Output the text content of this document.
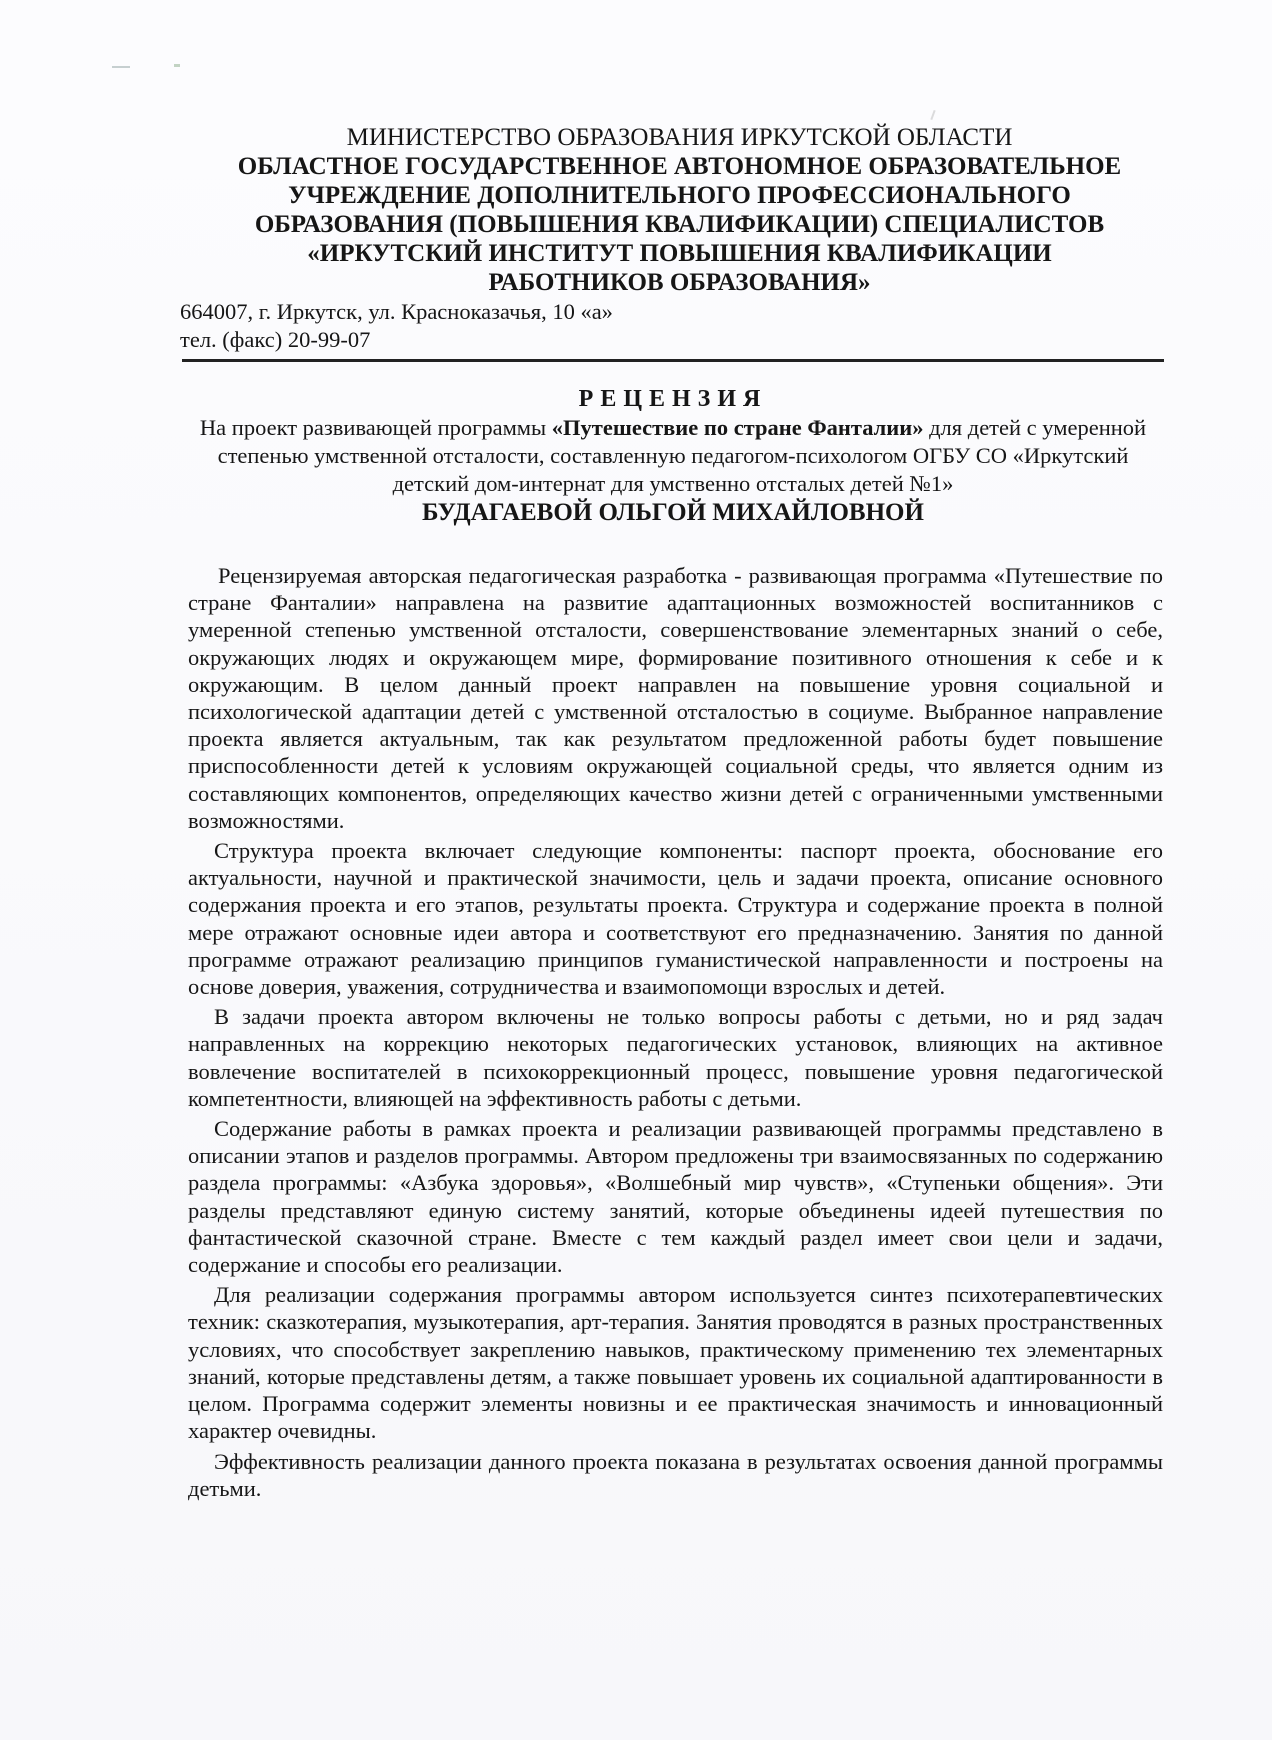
МИНИСТЕРСТВО ОБРАЗОВАНИЯ ИРКУТСКОЙ ОБЛАСТИ
ОБЛАСТНОЕ ГОСУДАРСТВЕННОЕ АВТОНОМНОЕ ОБРАЗОВАТЕЛЬНОЕ
УЧРЕЖДЕНИЕ ДОПОЛНИТЕЛЬНОГО ПРОФЕССИОНАЛЬНОГО
ОБРАЗОВАНИЯ (ПОВЫШЕНИЯ КВАЛИФИКАЦИИ) СПЕЦИАЛИСТОВ
«ИРКУТСКИЙ ИНСТИТУТ ПОВЫШЕНИЯ КВАЛИФИКАЦИИ
РАБОТНИКОВ ОБРАЗОВАНИЯ»
664007, г. Иркутск, ул. Красноказачья, 10 «а»
тел. (факс) 20-99-07
РЕЦЕНЗИЯ
На проект развивающей программы «Путешествие по стране Фанталии» для детей с умеренной степенью умственной отсталости, составленную педагогом-психологом ОГБУ СО «Иркутский детский дом-интернат для умственно отсталых детей №1»
БУДАГАЕВОЙ ОЛЬГОЙ МИХАЙЛОВНОЙ

Рецензируемая авторская педагогическая разработка - развивающая программа «Путешествие по стране Фанталии» направлена на развитие адаптационных возможностей воспитанников с умеренной степенью умственной отсталости, совершенствование элементарных знаний о себе, окружающих людях и окружающем мире, формирование позитивного отношения к себе и к окружающим. В целом данный проект направлен на повышение уровня социальной и психологической адаптации детей с умственной отсталостью в социуме. Выбранное направление проекта является актуальным, так как результатом предложенной работы будет повышение приспособленности детей к условиям окружающей социальной среды, что является одним из составляющих компонентов, определяющих качество жизни детей с ограниченными умственными возможностями.

Структура проекта включает следующие компоненты: паспорт проекта, обоснование его актуальности, научной и практической значимости, цель и задачи проекта, описание основного содержания проекта и его этапов, результаты проекта. Структура и содержание проекта в полной мере отражают основные идеи автора и соответствуют его предназначению. Занятия по данной программе отражают реализацию принципов гуманистической направленности и построены на основе доверия, уважения, сотрудничества и взаимопомощи взрослых и детей.

В задачи проекта автором включены не только вопросы работы с детьми, но и ряд задач направленных на коррекцию некоторых педагогических установок, влияющих на активное вовлечение воспитателей в психокоррекционный процесс, повышение уровня педагогической компетентности, влияющей на эффективность работы с детьми.

Содержание работы в рамках проекта и реализации развивающей программы представлено в описании этапов и разделов программы. Автором предложены три взаимосвязанных по содержанию раздела программы: «Азбука здоровья», «Волшебный мир чувств», «Ступеньки общения». Эти разделы представляют единую систему занятий, которые объединены идеей путешествия по фантастической сказочной стране. Вместе с тем каждый раздел имеет свои цели и задачи, содержание и способы его реализации.

Для реализации содержания программы автором используется синтез психотерапевтических техник: сказкотерапия, музыкотерапия, арт-терапия. Занятия проводятся в разных пространственных условиях, что способствует закреплению навыков, практическому применению тех элементарных знаний, которые представлены детям, а также повышает уровень их социальной адаптированности в целом. Программа содержит элементы новизны и ее практическая значимость и инновационный характер очевидны.

Эффективность реализации данного проекта показана в результатах освоения данной программы детьми.
